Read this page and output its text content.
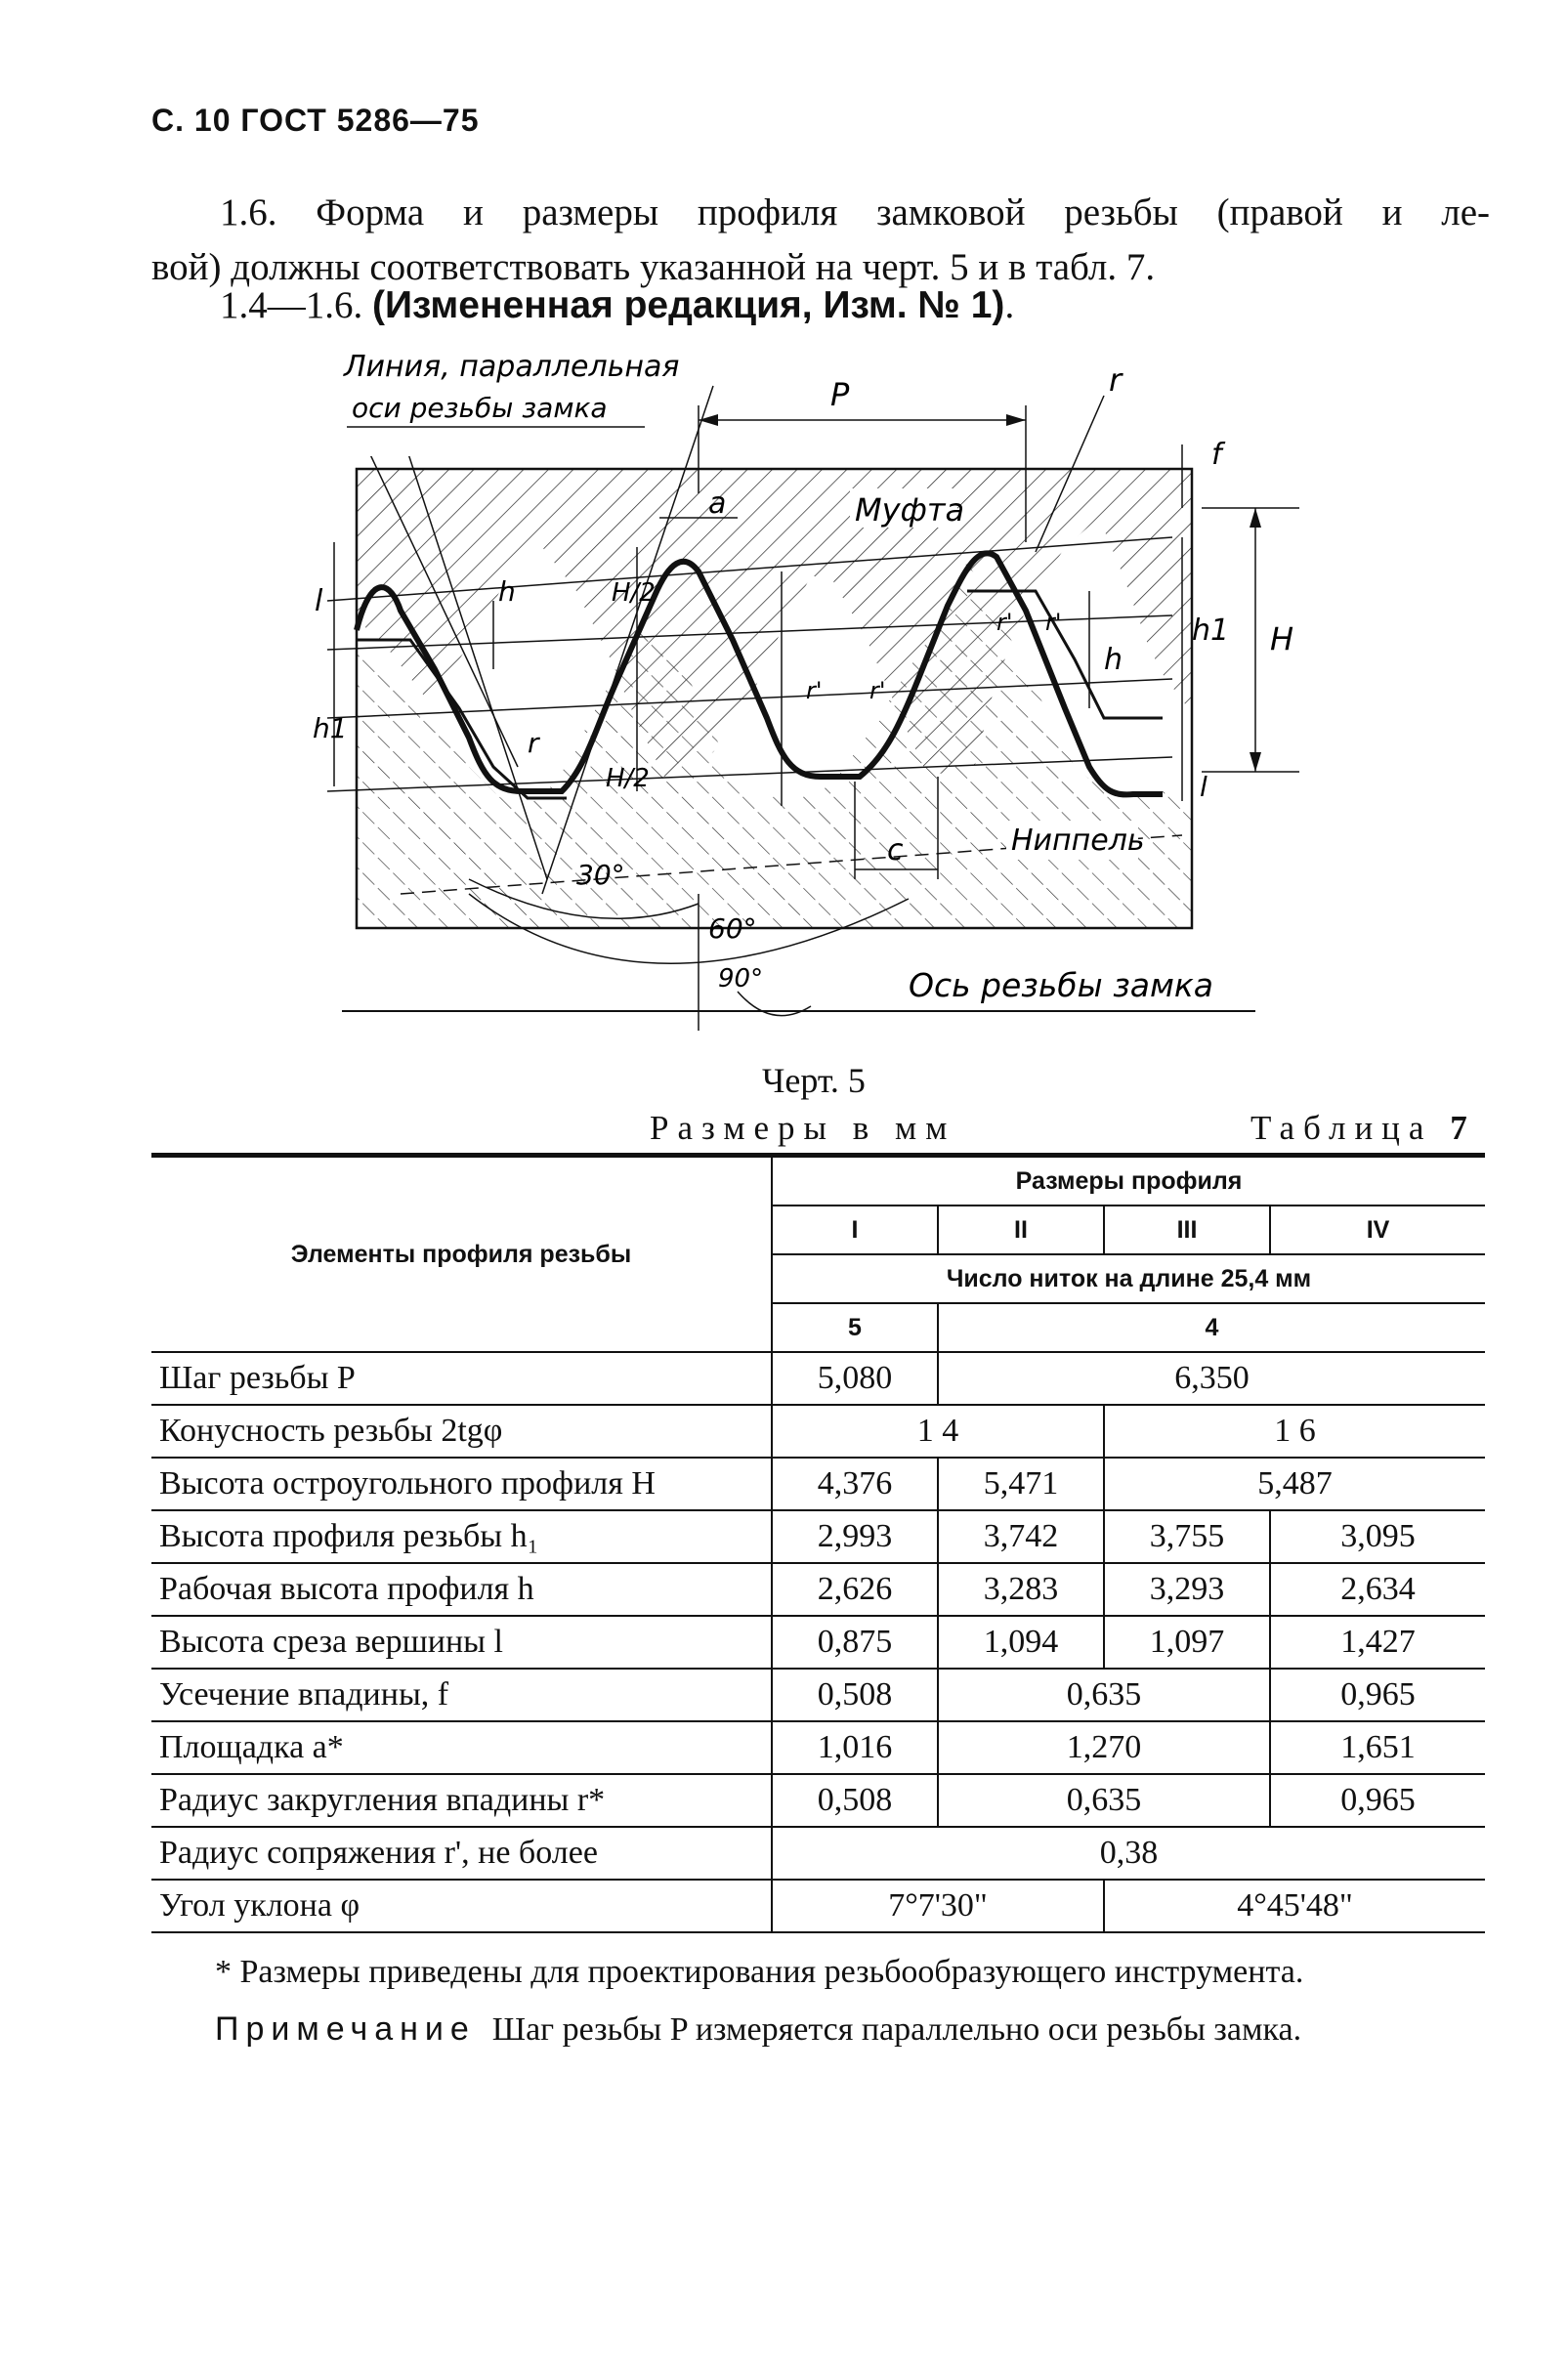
С. 10 ГОСТ 5286—75
1.6. Форма и размеры профиля замковой резьбы (правой и ле-
вой) должны соответствовать указанной на черт. 5 и в табл. 7.
1.4—1.6. (Измененная редакция, Изм. № 1).
Линия, параллельная
оси резьбы замка
Муфта
Ниппель
Ось резьбы замка
P	r
f
a
h1 H
h
l
l
h1
h	H/2
H/2
r
r' r'
r' r'
c
30°
60°
90°
Черт. 5
Размеры в мм	Таблица 7
Элементы профиля резьбы	Размеры профиля			
	I	II	III	IV
	Число ниток на длине 25,4 мм			
	5	4		
Шаг резьбы P	5,080	6,350		
Конусность резьбы 2tgφ	1 4		1 6	
Высота остроугольного профиля H	4,376	5,471	5,487	
Высота профиля резьбы h₁	2,993	3,742	3,755	3,095
Рабочая высота профиля h	2,626	3,283	3,293	2,634
Высота среза вершины l	0,875	1,094	1,097	1,427
Усечение впадины, f	0,508	0,635		0,965
Площадка a*	1,016	1,270		1,651
Радиус закругления впадины r*	0,508	0,635		0,965
Радиус сопряжения r', не более	0,38			
Угол уклона φ	7°7'30"		4°45'48"	
* Размеры приведены для проектирования резьбообразующего инструмента.
Примечание Шаг резьбы P измеряется параллельно оси резьбы замка.
